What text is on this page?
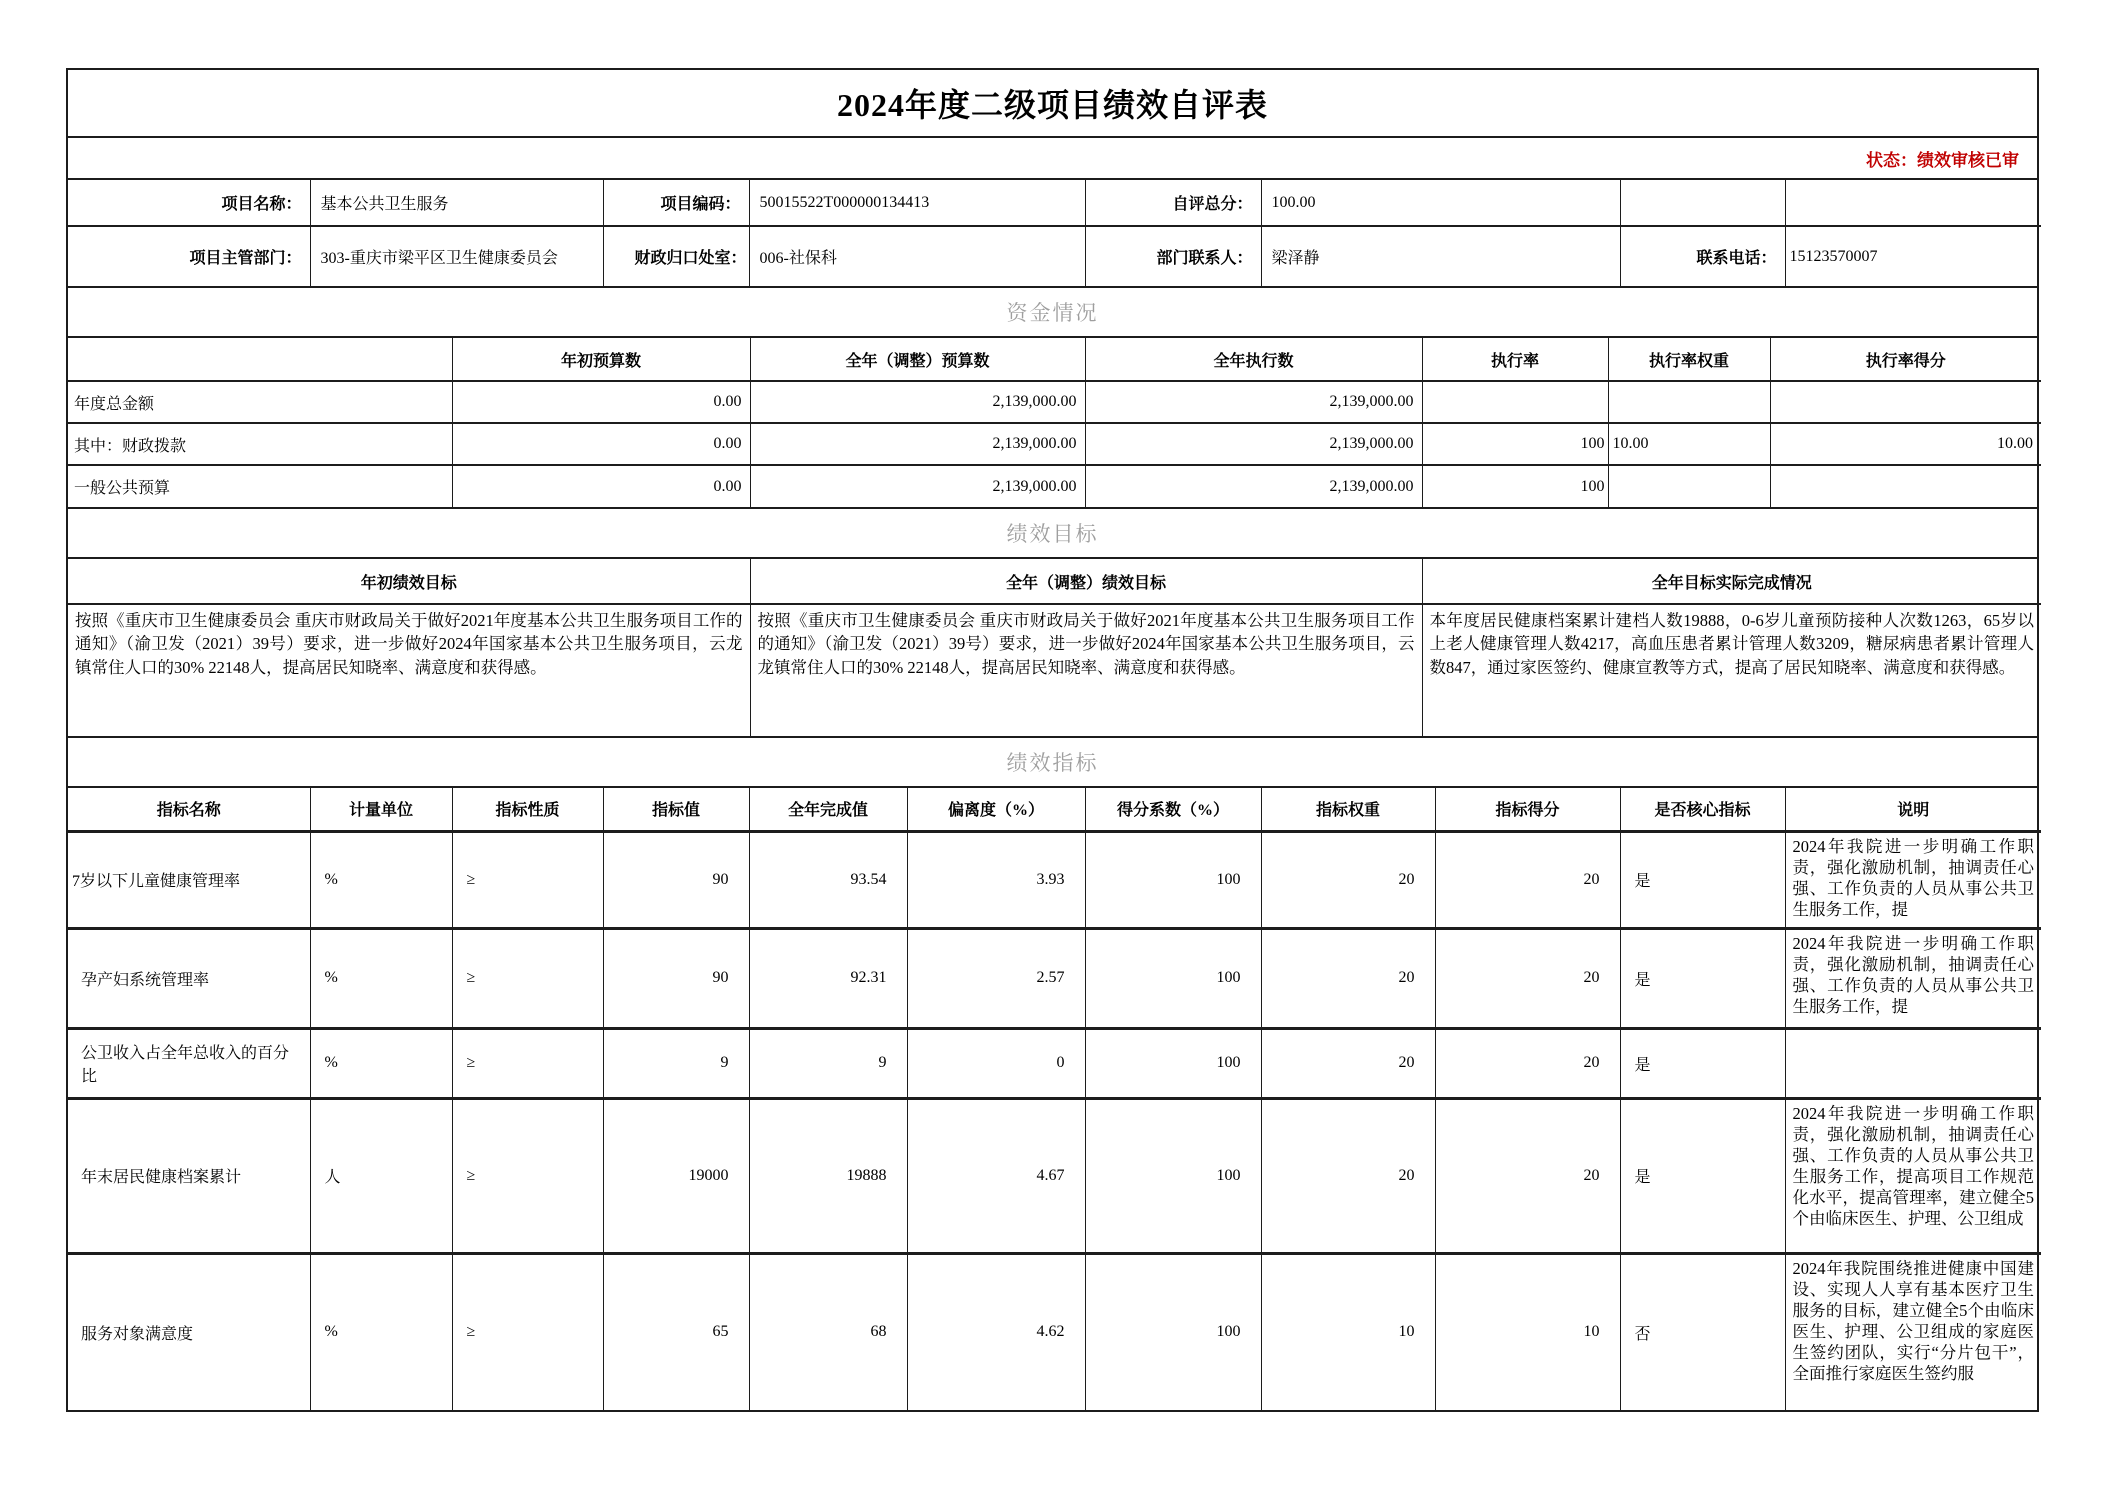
2024年度二级项目绩效自评表
状态：绩效审核已审
项目名称：	基本公共卫生服务	项目编码：	50015522T000000134413	自评总分：	100.00		
项目主管部门：	303-重庆市梁平区卫生健康委员会	财政归口处室：	006-社保科	部门联系人：	梁泽静	联系电话：	15123570007
资金情况
	年初预算数	全年（调整）预算数	全年执行数	执行率	执行率权重	执行率得分
年度总金额	0.00	2,139,000.00	2,139,000.00			
其中：财政拨款	0.00	2,139,000.00	2,139,000.00	100	10.00	10.00
一般公共预算	0.00	2,139,000.00	2,139,000.00	100		
绩效目标
年初绩效目标	全年（调整）绩效目标	全年目标实际完成情况
按照《重庆市卫生健康委员会 重庆市财政局关于做好2021年度基本公共卫生服务项目工作的通知》（渝卫发（2021）39号）要求，进一步做好2024年国家基本公共卫生服务项目，云龙镇常住人口的30% 22148人，提高居民知晓率、满意度和获得感。	按照《重庆市卫生健康委员会 重庆市财政局关于做好2021年度基本公共卫生服务项目工作的通知》（渝卫发（2021）39号）要求，进一步做好2024年国家基本公共卫生服务项目，云龙镇常住人口的30% 22148人，提高居民知晓率、满意度和获得感。	本年度居民健康档案累计建档人数19888，0-6岁儿童预防接种人次数1263，65岁以上老人健康管理人数4217，高血压患者累计管理人数3209，糖尿病患者累计管理人数847，通过家医签约、健康宣教等方式，提高了居民知晓率、满意度和获得感。
绩效指标
指标名称	计量单位	指标性质	指标值	全年完成值	偏离度（%）	得分系数（%）	指标权重	指标得分	是否核心指标	说明
7岁以下儿童健康管理率	%	≥	90	93.54	3.93	100	20	20	是	2024年我院进一步明确工作职责，强化激励机制，抽调责任心强、工作负责的人员从事公共卫生服务工作，提

孕产妇系统管理率	%	≥	90	92.31	2.57	100	20	20	是	2024年我院进一步明确工作职责，强化激励机制，抽调责任心强、工作负责的人员从事公共卫生服务工作，提

公卫收入占全年总收入的百分比	%	≥	9	9	0	100	20	20	是	

年末居民健康档案累计	人	≥	19000	19888	4.67	100	20	20	是	2024年我院进一步明确工作职责，强化激励机制，抽调责任心强、工作负责的人员从事公共卫生服务工作，提高项目工作规范化水平，提高管理率，建立健全5个由临床医生、护理、公卫组成

服务对象满意度	%	≥	65	68	4.62	100	10	10	否	2024年我院围绕推进健康中国建设、实现人人享有基本医疗卫生服务的目标，建立健全5个由临床医生、护理、公卫组成的家庭医生签约团队，实行“分片包干”，全面推行家庭医生签约服
